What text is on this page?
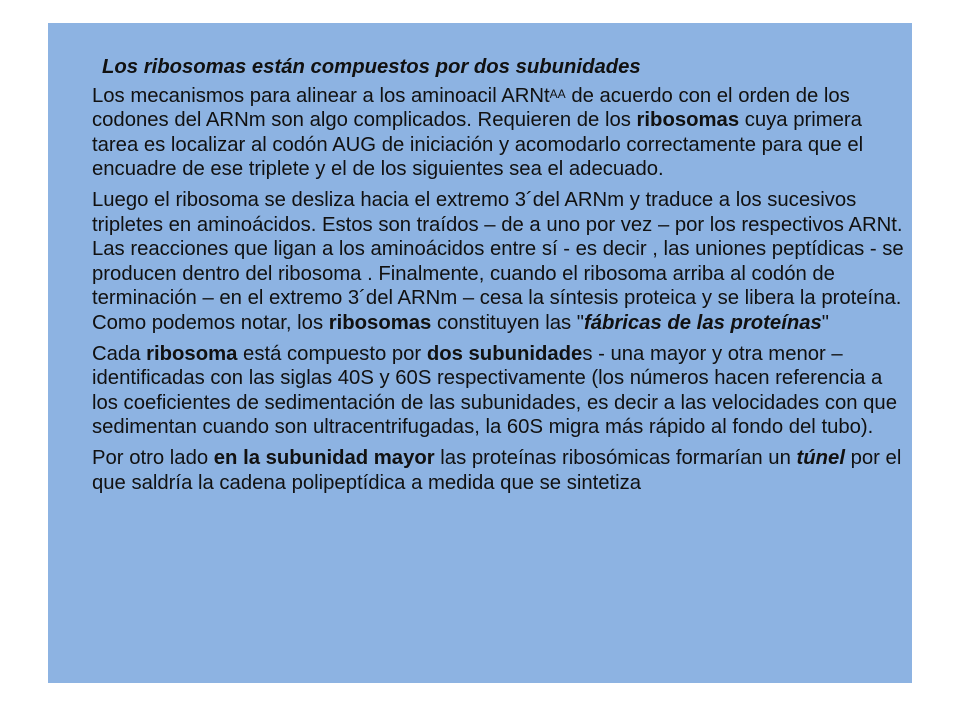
Los ribosomas están compuestos por dos subunidades

Los mecanismos para alinear a los aminoacil ARNt$^{AA}$ de acuerdo con el orden de los codones del ARNm son algo complicados. Requieren de los ribosomas cuya primera tarea es localizar al codón AUG de iniciación y acomodarlo correctamente para que el encuadre de ese triplete y el de los siguientes sea el adecuado.

Luego el ribosoma se desliza hacia el extremo 3´del ARNm y traduce a los sucesivos tripletes en aminoácidos. Estos son traídos – de a uno por vez – por los respectivos ARNt. Las reacciones que ligan a los aminoácidos entre sí - es decir , las uniones peptídicas - se producen dentro del ribosoma . Finalmente, cuando el ribosoma arriba al codón de terminación – en el extremo 3´del ARNm – cesa la síntesis proteica y se libera la proteína. Como podemos notar, los ribosomas constituyen las "fábricas de las proteínas"

Cada ribosoma está compuesto por dos subunidades - una mayor y otra menor – identificadas con las siglas 40S y 60S respectivamente (los números hacen referencia a los coeficientes de sedimentación de las subunidades, es decir a las velocidades con que sedimentan cuando son ultracentrifugadas, la 60S migra más rápido al fondo del tubo).

Por otro lado en la subunidad mayor las proteínas ribosómicas formarían un túnel por el que saldría la cadena polipeptídica a medida que se sintetiza
